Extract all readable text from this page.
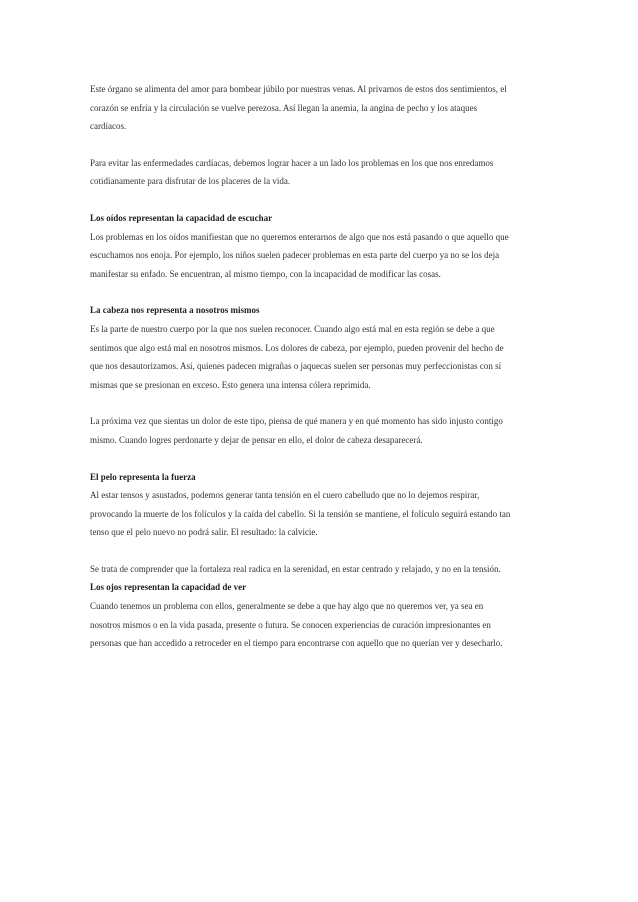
Este órgano se alimenta del amor para bombear júbilo por nuestras venas. Al privarnos de estos dos sentimientos, el
corazón se enfría y la circulación se vuelve perezosa. Así llegan la anemia, la angina de pecho y los ataques
cardíacos.
Para evitar las enfermedades cardíacas, debemos lograr hacer a un lado los problemas en los que nos enredamos
cotidianamente para disfrutar de los placeres de la vida.
Los oídos representan la capacidad de escuchar
Los problemas en los oídos manifiestan que no queremos enterarnos de algo que nos está pasando o que aquello que
escuchamos nos enoja. Por ejemplo, los niños suelen padecer problemas en esta parte del cuerpo ya no se los deja
manifestar su enfado. Se encuentran, al mismo tiempo, con la incapacidad de modificar las cosas.
La cabeza nos representa a nosotros mismos
Es la parte de nuestro cuerpo por la que nos suelen reconocer. Cuando algo está mal en esta región se debe a que
sentimos que algo está mal en nosotros mismos. Los dolores de cabeza, por ejemplo, pueden provenir del hecho de
que nos desautorizamos. Así, quienes padecen migrañas o jaquecas suelen ser personas muy perfeccionistas con sí
mismas que se presionan en exceso. Esto genera una intensa cólera reprimida.
La próxima vez que sientas un dolor de este tipo, piensa de qué manera y en qué momento has sido injusto contigo
mismo. Cuando logres perdonarte y dejar de pensar en ello, el dolor de cabeza desaparecerá.
El pelo representa la fuerza
Al estar tensos y asustados, podemos generar tanta tensión en el cuero cabelludo que no lo dejemos respirar,
provocando la muerte de los folículos y la caída del cabello. Si la tensión se mantiene, el folículo seguirá estando tan
tenso que el pelo nuevo no podrá salir. El resultado: la calvicie.
Se trata de comprender que la fortaleza real radica en la serenidad, en estar centrado y relajado, y no en la tensión.
Los ojos representan la capacidad de ver
Cuando tenemos un problema con ellos, generalmente se debe a que hay algo que no queremos ver, ya sea en
nosotros mismos o en la vida pasada, presente o futura. Se conocen experiencias de curación impresionantes en
personas que han accedido a retroceder en el tiempo para encontrarse con aquello que no querían ver y desecharlo.
